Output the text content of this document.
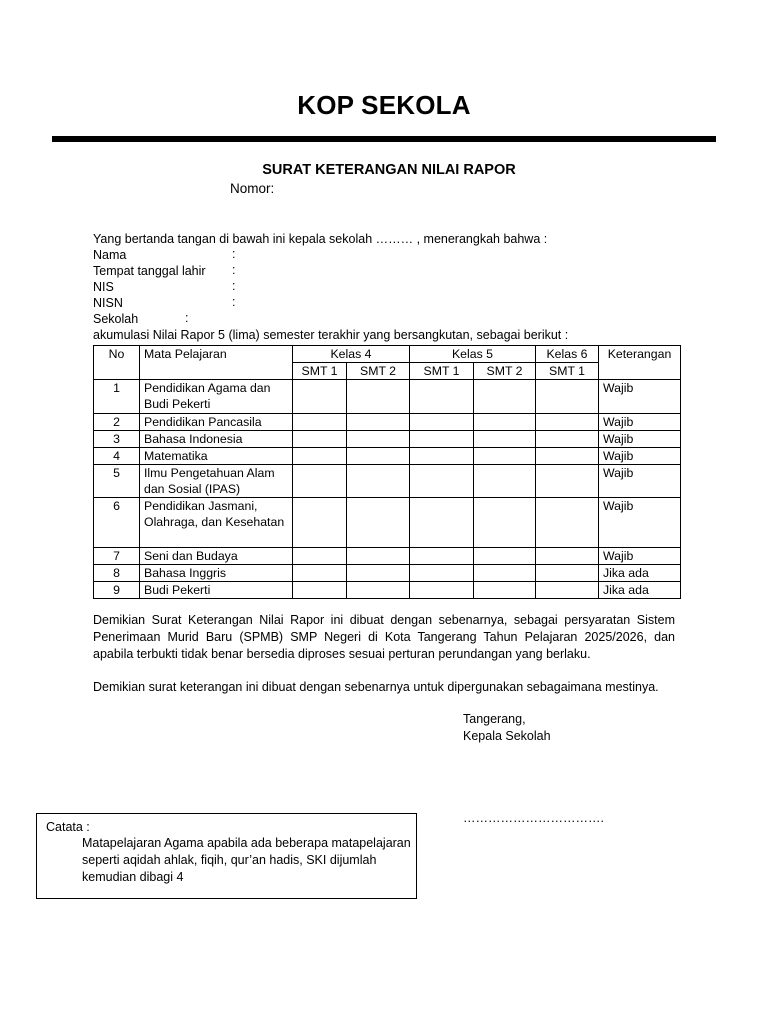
KOP SEKOLA
SURAT KETERANGAN NILAI RAPOR
Nomor:
Yang bertanda tangan di bawah ini kepala sekolah ……… , menerangkah bahwa :
Nama	:
Tempat tanggal lahir :
NIS	:
NISN	:
Sekolah	:
akumulasi Nilai Rapor 5 (lima) semester terakhir yang bersangkutan, sebagai berikut :
No	Mata Pelajaran	Kelas 4		Kelas 5		Kelas 6	Keterangan
		SMT 1	SMT 2	SMT 1	SMT 2	SMT 1	
1	Pendidikan Agama dan Budi Pekerti						Wajib
2	Pendidikan Pancasila						Wajib
3	Bahasa Indonesia						Wajib
4	Matematika						Wajib
5	Ilmu Pengetahuan Alam dan Sosial (IPAS)						Wajib
6	Pendidikan Jasmani, Olahraga, dan Kesehatan						Wajib
7	Seni dan Budaya						Wajib
8	Bahasa Inggris						Jika ada
9	Budi Pekerti						Jika ada
Demikian Surat Keterangan Nilai Rapor ini dibuat dengan sebenarnya, sebagai persyaratan Sistem Penerimaan Murid Baru (SPMB) SMP Negeri di Kota Tangerang Tahun Pelajaran 2025/2026, dan apabila terbukti tidak benar bersedia diproses sesuai perturan perundangan yang berlaku.
Demikian surat keterangan ini dibuat dengan sebenarnya untuk dipergunakan sebagaimana mestinya.
Tangerang,
Kepala Sekolah
…………………………….
Catata :
Matapelajaran Agama apabila ada beberapa matapelajaran seperti aqidah ahlak, fiqih, qur’an hadis, SKI dijumlah kemudian dibagi 4
